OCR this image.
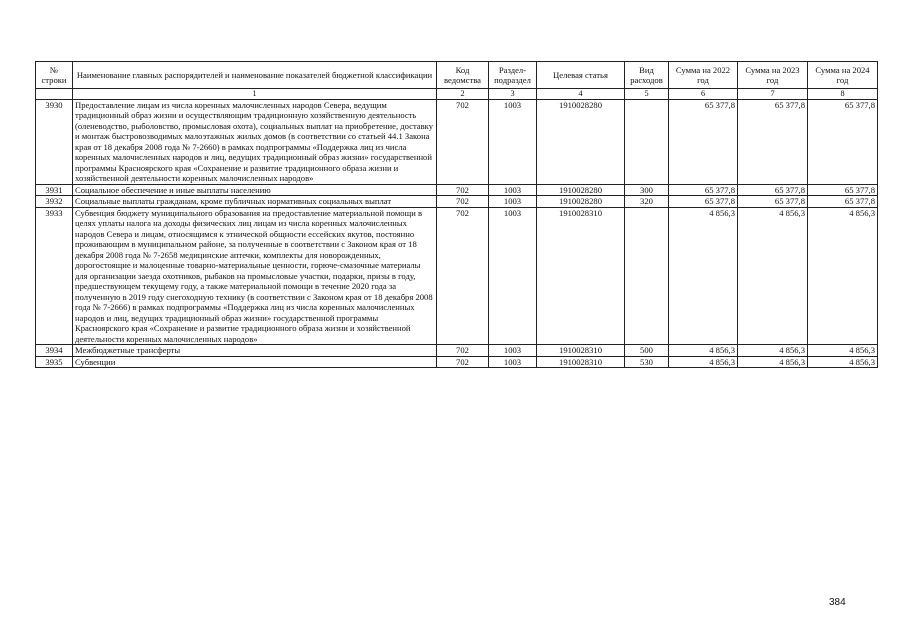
№ строки	Наименование главных распорядителей и наименование показателей бюджетной классификации	Код ведомства	Раздел-подраздел	Целевая статья	Вид расходов	Сумма на 2022 год	Сумма на 2023 год	Сумма на 2024 год
	1	2	3	4	5	6	7	8
3930	Предоставление лицам из числа коренных малочисленных народов Севера, ведущим традиционный образ жизни и осуществляющим традиционную хозяйственную деятельность (оленеводство, рыболовство, промысловая охота), социальных выплат на приобретение, доставку и монтаж быстровозводимых малоэтажных жилых домов (в соответствии со статьей 44.1 Закона края от 18 декабря 2008 года № 7-2660) в рамках подпрограммы «Поддержка лиц из числа коренных малочисленных народов и лиц, ведущих традиционный образ жизни» государственной программы Красноярского края «Сохранение и развитие традиционного образа жизни и хозяйственной деятельности коренных малочисленных народов»	702	1003	1910028280		65 377,8	65 377,8	65 377,8
3931	Социальное обеспечение и иные выплаты населению	702	1003	1910028280	300	65 377,8	65 377,8	65 377,8
3932	Социальные выплаты гражданам, кроме публичных нормативных социальных выплат	702	1003	1910028280	320	65 377,8	65 377,8	65 377,8
3933	Субвенция бюджету муниципального образования на предоставление материальной помощи в целях уплаты налога на доходы физических лиц лицам из числа коренных малочисленных народов Севера и лицам, относящимся к этнической общности ессейских якутов, постоянно проживающим в муниципальном районе, за полученные в соответствии с Законом края от 18 декабря 2008 года № 7-2658 медицинские аптечки, комплекты для новорожденных, дорогостоящие и малоценные товарно-материальные ценности, горюче-смазочные материалы для организации заезда охотников, рыбаков на промысловые участки, подарки, призы в году, предшествующем текущему году, а также материальной помощи в течение 2020 года за полученную в 2019 году снегоходную технику (в соответствии с Законом края от 18 декабря 2008 года № 7-2666) в рамках подпрограммы «Поддержка лиц из числа коренных малочисленных народов и лиц, ведущих традиционный образ жизни» государственной программы Красноярского края «Сохранение и развитие традиционного образа жизни и хозяйственной деятельности коренных малочисленных народов»	702	1003	1910028310		4 856,3	4 856,3	4 856,3
3934	Межбюджетные трансферты	702	1003	1910028310	500	4 856,3	4 856,3	4 856,3
3935	Субвенции	702	1003	1910028310	530	4 856,3	4 856,3	4 856,3
384
